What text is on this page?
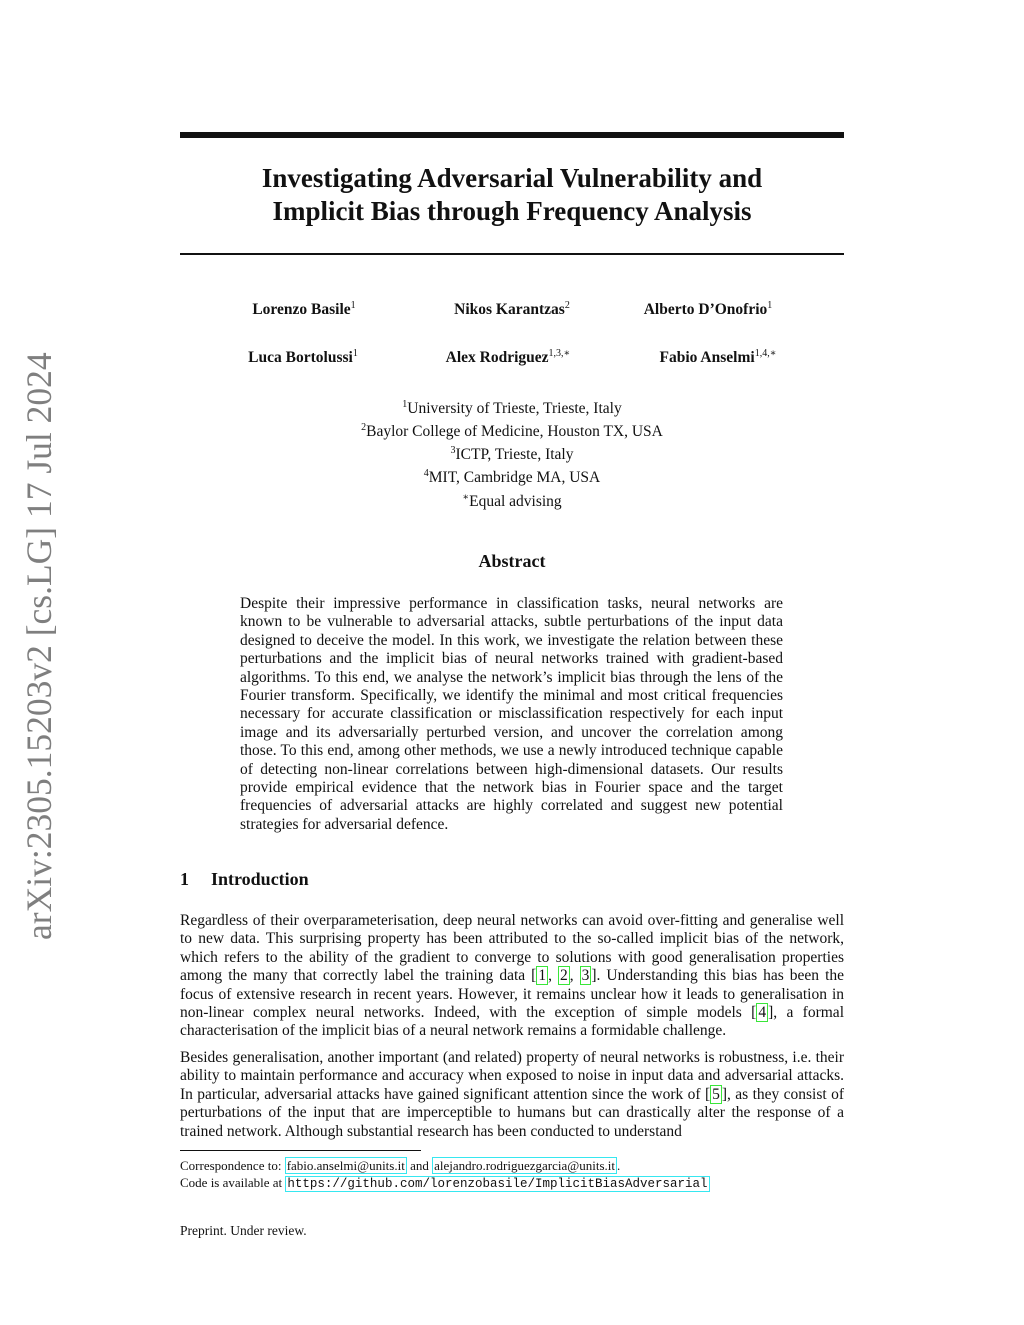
arXiv:2305.15203v2 [cs.LG] 17 Jul 2024
Investigating Adversarial Vulnerability and
Implicit Bias through Frequency Analysis
Lorenzo Basile$^1$	Nikos Karantzas$^2$	Alberto D’Onofrio$^1$
Luca Bortolussi$^1$	Alex Rodriguez$^{1,3,∗}$	Fabio Anselmi$^{1,4,∗}$
$^1$University of Trieste, Trieste, Italy
$^2$Baylor College of Medicine, Houston TX, USA
$^3$ICTP, Trieste, Italy
$^4$MIT, Cambridge MA, USA
∗Equal advising
Abstract
Despite their impressive performance in classification tasks, neural networks are known to be vulnerable to adversarial attacks, subtle perturbations of the input data designed to deceive the model. In this work, we investigate the relation between these perturbations and the implicit bias of neural networks trained with gradient-based algorithms. To this end, we analyse the network’s implicit bias through the lens of the Fourier transform. Specifically, we identify the minimal and most critical frequencies necessary for accurate classification or misclassification respectively for each input image and its adversarially perturbed version, and uncover the correlation among those. To this end, among other methods, we use a newly introduced technique capable of detecting non-linear correlations between high-dimensional datasets. Our results provide empirical evidence that the network bias in Fourier space and the target frequencies of adversarial attacks are highly correlated and suggest new potential strategies for adversarial defence.
1 Introduction
Regardless of their overparameterisation, deep neural networks can avoid over-fitting and generalise well to new data. This surprising property has been attributed to the so-called implicit bias of the network, which refers to the ability of the gradient to converge to solutions with good generalisation properties among the many that correctly label the training data [ 1 , 2 , 3 ]. Understanding this bias has been the focus of extensive research in recent years. However, it remains unclear how it leads to generalisation in non-linear complex neural networks. Indeed, with the exception of simple models [ 4 ], a formal characterisation of the implicit bias of a neural network remains a formidable challenge.
Besides generalisation, another important (and related) property of neural networks is robustness, i.e. their ability to maintain performance and accuracy when exposed to noise in input data and adversarial attacks. In particular, adversarial attacks have gained significant attention since the work of [ 5 ], as they consist of perturbations of the input that are imperceptible to humans but can drastically alter the response of a trained network. Although substantial research has been conducted to understand
Correspondence to: fabio.anselmi@units.it and alejandro.rodriguezgarcia@units.it .
Code is available at https://github.com/lorenzobasile/ImplicitBiasAdversarial
Preprint. Under review.
